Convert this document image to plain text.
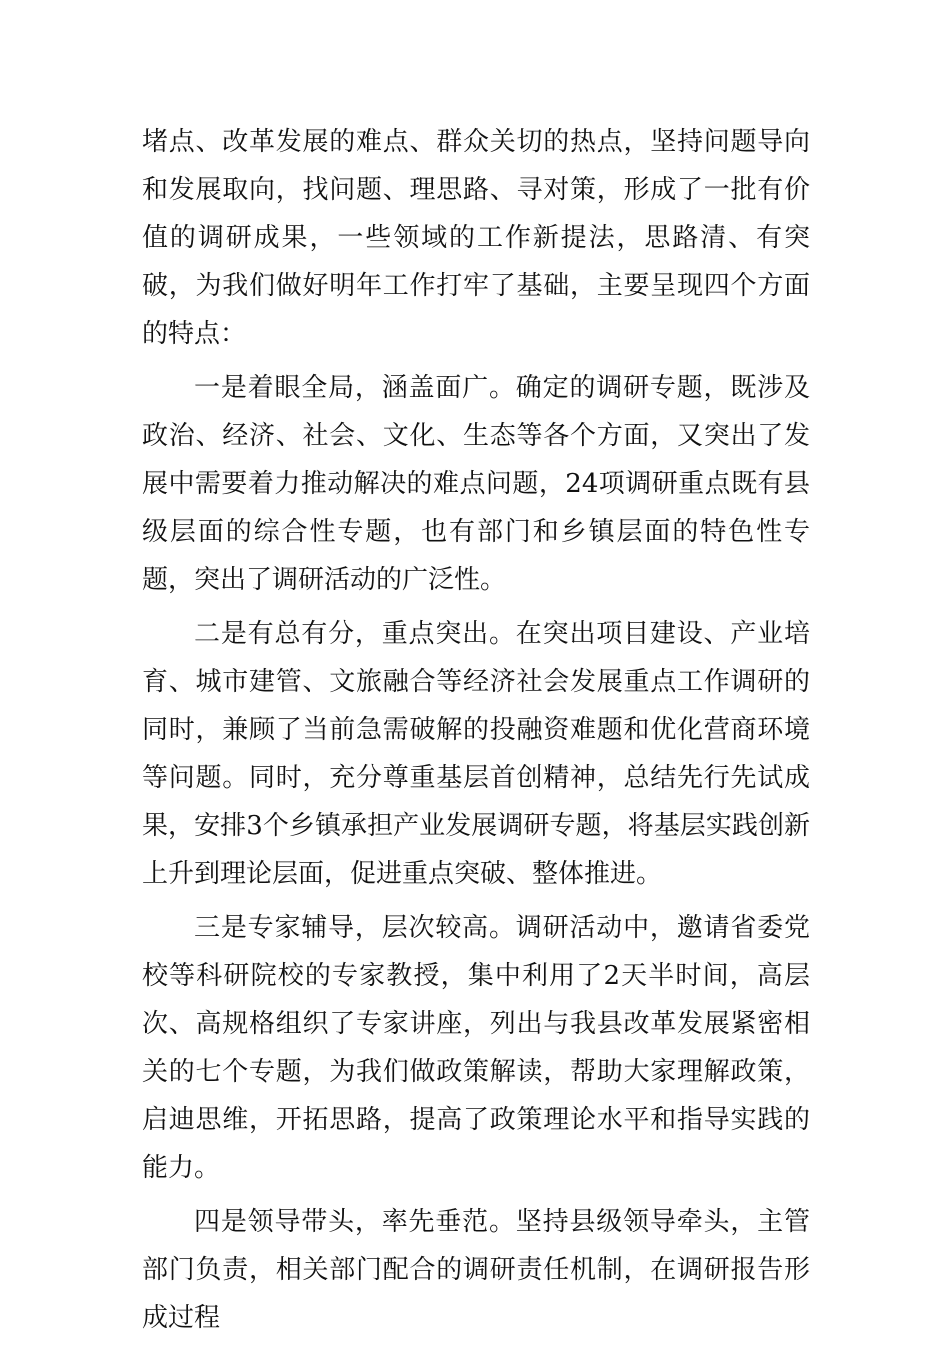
堵点、改革发展的难点、群众关切的热点，坚持问题导向和发展取向，找问题、理思路、寻对策，形成了一批有价值的调研成果，一些领域的工作新提法，思路清、有突破，为我们做好明年工作打牢了基础，主要呈现四个方面的特点：

一是着眼全局，涵盖面广。确定的调研专题，既涉及政治、经济、社会、文化、生态等各个方面，又突出了发展中需要着力推动解决的难点问题，24项调研重点既有县级层面的综合性专题，也有部门和乡镇层面的特色性专题，突出了调研活动的广泛性。

二是有总有分，重点突出。在突出项目建设、产业培育、城市建管、文旅融合等经济社会发展重点工作调研的同时，兼顾了当前急需破解的投融资难题和优化营商环境等问题。同时，充分尊重基层首创精神，总结先行先试成果，安排3个乡镇承担产业发展调研专题，将基层实践创新上升到理论层面，促进重点突破、整体推进。

三是专家辅导，层次较高。调研活动中，邀请省委党校等科研院校的专家教授，集中利用了2天半时间，高层次、高规格组织了专家讲座，列出与我县改革发展紧密相关的七个专题，为我们做政策解读，帮助大家理解政策，启迪思维，开拓思路，提高了政策理论水平和指导实践的能力。

四是领导带头，率先垂范。坚持县级领导牵头，主管部门负责，相关部门配合的调研责任机制，在调研报告形成过程
